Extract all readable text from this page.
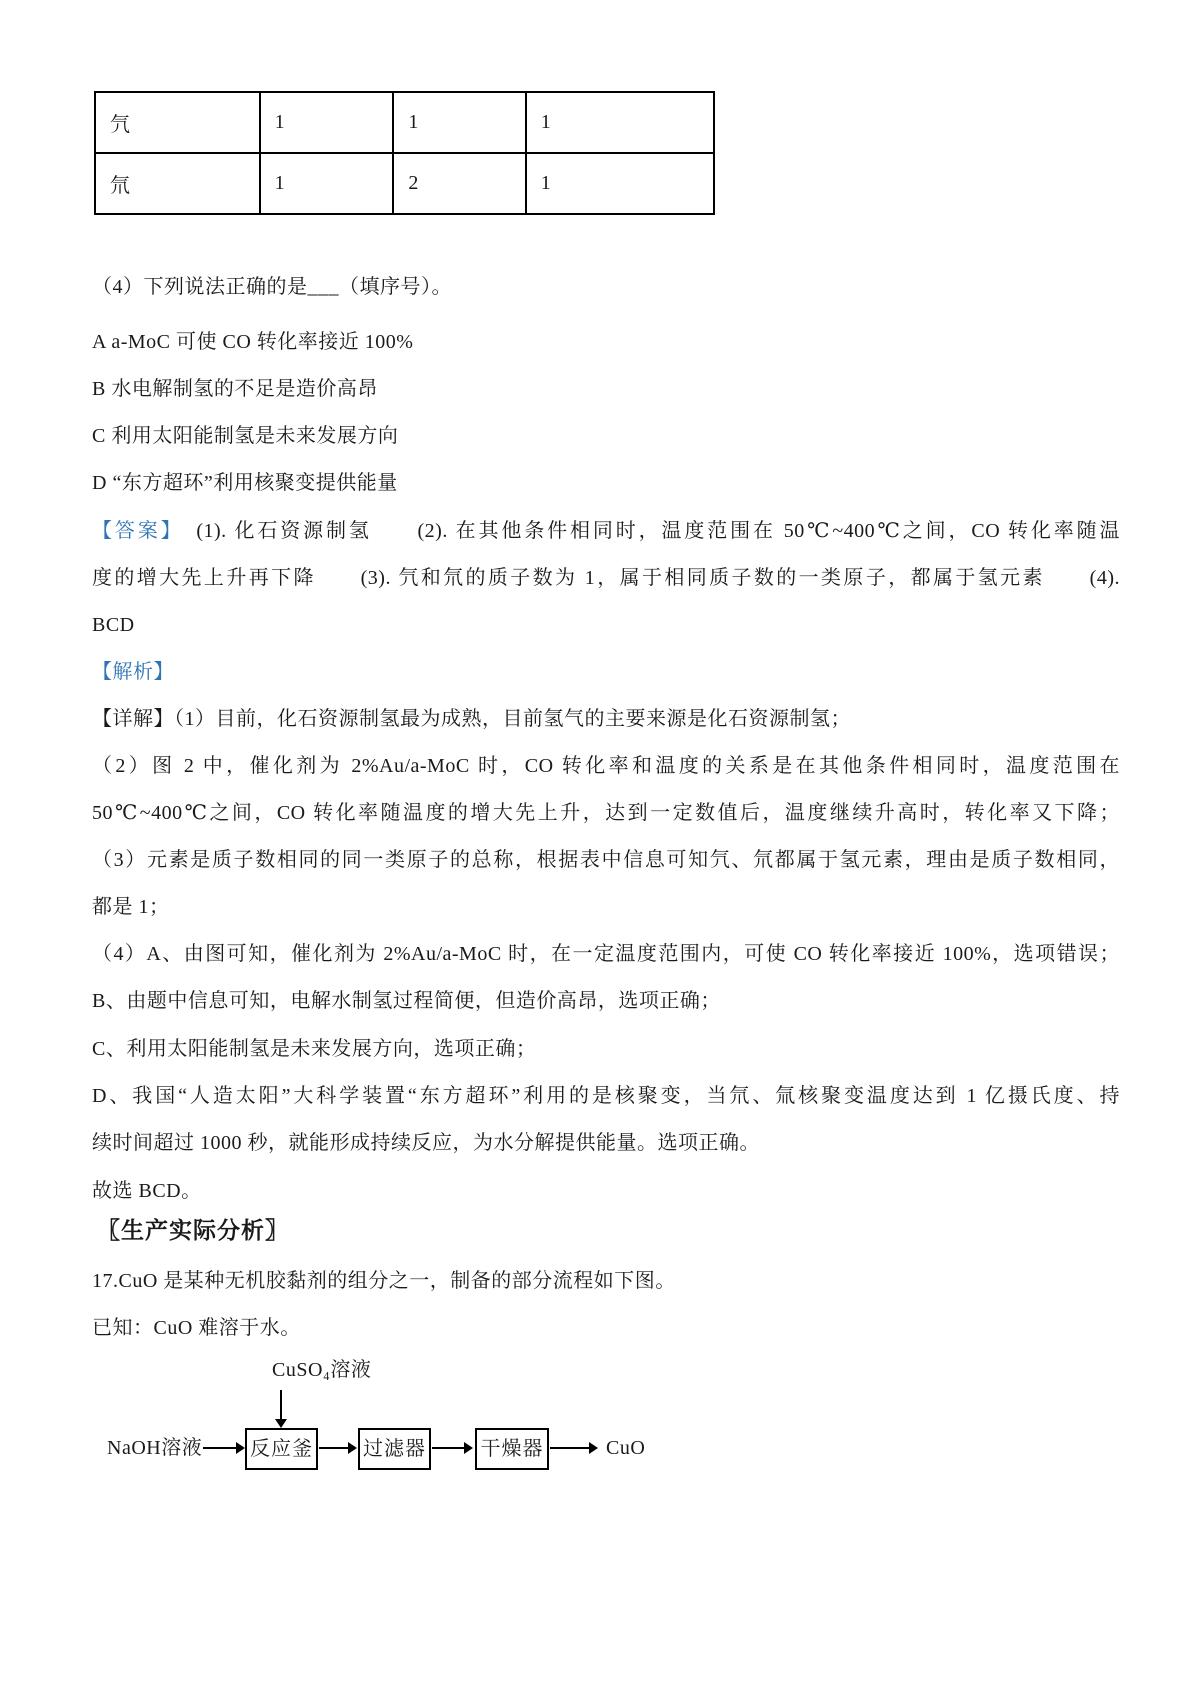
氕	1	1	1
氘	1	2	1
（4）下列说法正确的是___（填序号）。
A a-MoC 可使 CO 转化率接近 100%
B 水电解制氢的不足是造价高昂
C 利用太阳能制氢是未来发展方向
D “东方超环”利用核聚变提供能量
【答案】　(1). 化石资源制氢　　(2). 在其他条件相同时，温度范围在 50℃~400℃之间，CO 转化率随温
度的增大先上升再下降　　(3). 氕和氘的质子数为 1，属于相同质子数的一类原子，都属于氢元素　　(4).
BCD
【解析】
【详解】（1）目前，化石资源制氢最为成熟，目前氢气的主要来源是化石资源制氢；
（2）图 2 中，催化剂为 2%Au/a-MoC 时，CO 转化率和温度的关系是在其他条件相同时，温度范围在
50℃~400℃之间，CO 转化率随温度的增大先上升，达到一定数值后，温度继续升高时，转化率又下降；
（3）元素是质子数相同的同一类原子的总称，根据表中信息可知氕、氘都属于氢元素，理由是质子数相同，
都是 1；
（4）A、由图可知，催化剂为 2%Au/a-MoC 时，在一定温度范围内，可使 CO 转化率接近 100%，选项错误；
B、由题中信息可知，电解水制氢过程简便，但造价高昂，选项正确；
C、利用太阳能制氢是未来发展方向，选项正确；
D、我国“人造太阳”大科学装置“东方超环”利用的是核聚变，当氘、氚核聚变温度达到 1 亿摄氏度、持
续时间超过 1000 秒，就能形成持续反应，为水分解提供能量。选项正确。
故选 BCD。
〖生产实际分析〗
17.CuO 是某种无机胶黏剂的组分之一，制备的部分流程如下图。
已知：CuO 难溶于水。
CuSO₄溶液
NaOH溶液 反应釜	过滤器	干燥器	CuO
